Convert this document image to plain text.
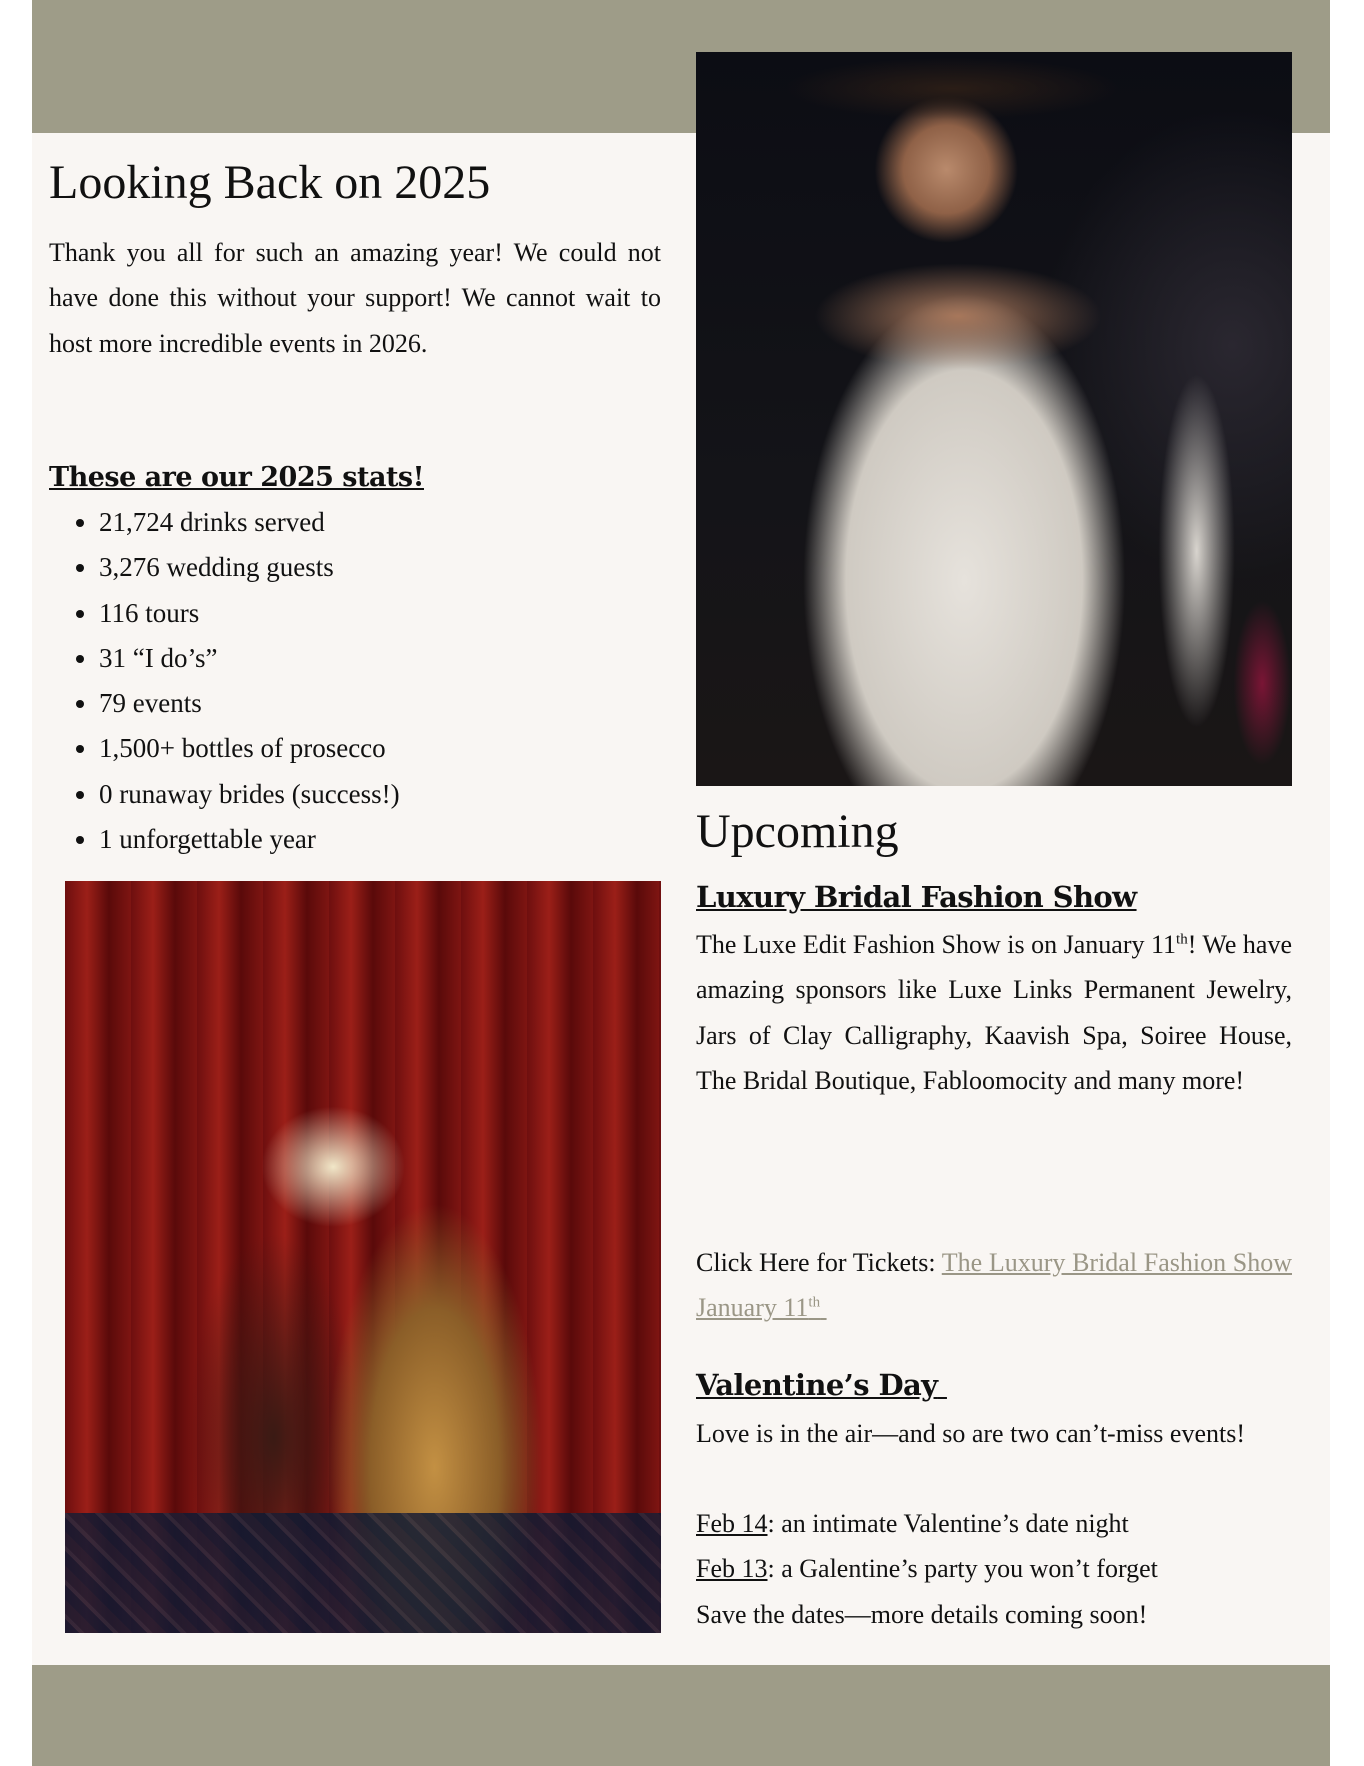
Looking Back on 2025

Thank you all for such an amazing year! We could not have done this without your support! We cannot wait to host more incredible events in 2026.

These are our 2025 stats!

• 21,724 drinks served
• 3,276 wedding guests
• 116 tours
• 31 “I do’s”
• 79 events
• 1,500+ bottles of prosecco
• 0 runaway brides (success!)
• 1 unforgettable year	Upcoming

Luxury Bridal Fashion Show

The Luxe Edit Fashion Show is on January 11th! We have amazing sponsors like Luxe Links Permanent Jewelry, Jars of Clay Calligraphy, Kaavish Spa, Soiree House, The Bridal Boutique, Fabloomocity and many more!

Click Here for Tickets: The Luxury Bridal Fashion Show January 11th

Valentine’s Day

Love is in the air—and so are two can’t-miss events!

Feb 14: an intimate Valentine’s date night

Feb 13: a Galentine’s party you won’t forget

Save the dates—more details coming soon!
